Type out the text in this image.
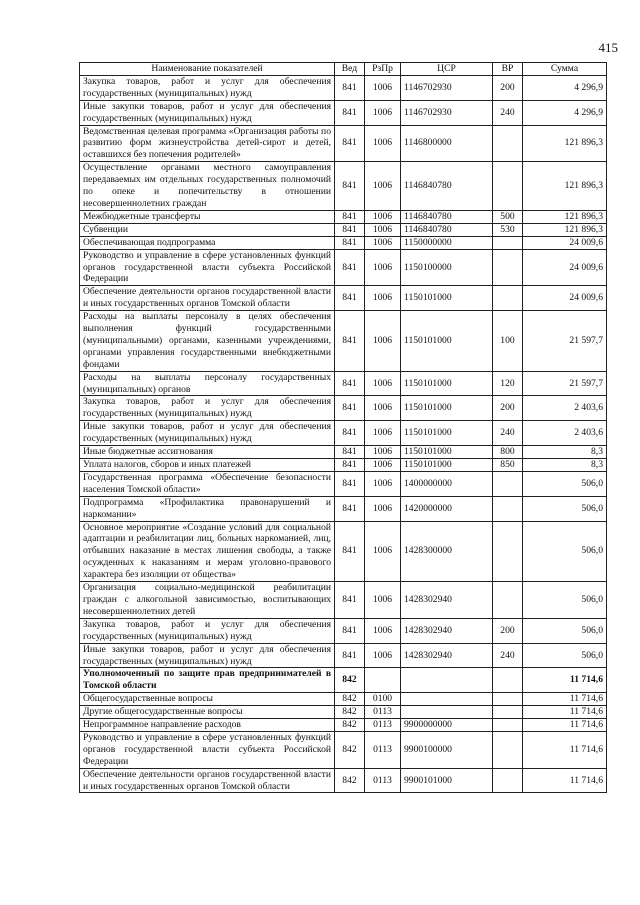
415
Наименование показателей	Вед	РзПр	ЦСР	ВР	Сумма
Закупка товаров, работ и услуг для обеспечения государственных (муниципальных) нужд	841	1006	1146702930	200	4 296,9
Иные закупки товаров, работ и услуг для обеспечения государственных (муниципальных) нужд	841	1006	1146702930	240	4 296,9
Ведомственная целевая программа «Организация работы по развитию форм жизнеустройства детей-сирот и детей, оставшихся без попечения родителей»	841	1006	1146800000		121 896,3
Осуществление органами местного самоуправления передаваемых им отдельных государственных полномочий по опеке и попечительству в отношении несовершеннолетних граждан	841	1006	1146840780		121 896,3
Межбюджетные трансферты	841	1006	1146840780	500	121 896,3
Субвенции	841	1006	1146840780	530	121 896,3
Обеспечивающая подпрограмма	841	1006	1150000000		24 009,6
Руководство и управление в сфере установленных функций органов государственной власти субъекта Российской Федерации	841	1006	1150100000		24 009,6
Обеспечение деятельности органов государственной власти и иных государственных органов Томской области	841	1006	1150101000		24 009,6
Расходы на выплаты персоналу в целях обеспечения выполнения функций государственными (муниципальными) органами, казенными учреждениями, органами управления государственными внебюджетными фондами	841	1006	1150101000	100	21 597,7
Расходы на выплаты персоналу государственных (муниципальных) органов	841	1006	1150101000	120	21 597,7
Закупка товаров, работ и услуг для обеспечения государственных (муниципальных) нужд	841	1006	1150101000	200	2 403,6
Иные закупки товаров, работ и услуг для обеспечения государственных (муниципальных) нужд	841	1006	1150101000	240	2 403,6
Иные бюджетные ассигнования	841	1006	1150101000	800	8,3
Уплата налогов, сборов и иных платежей	841	1006	1150101000	850	8,3
Государственная программа «Обеспечение безопасности населения Томской области»	841	1006	1400000000		506,0
Подпрограмма «Профилактика правонарушений и наркомании»	841	1006	1420000000		506,0
Основное мероприятие «Создание условий для социальной адаптации и реабилитации лиц, больных наркоманией, лиц, отбывших наказание в местах лишения свободы, а также осужденных к наказаниям и мерам уголовно-правового характера без изоляции от общества»	841	1006	1428300000		506,0
Организация социально-медицинской реабилитации граждан с алкогольной зависимостью, воспитывающих несовершеннолетних детей	841	1006	1428302940		506,0
Закупка товаров, работ и услуг для обеспечения государственных (муниципальных) нужд	841	1006	1428302940	200	506,0
Иные закупки товаров, работ и услуг для обеспечения государственных (муниципальных) нужд	841	1006	1428302940	240	506,0
Уполномоченный по защите прав предпринимателей в Томской области	842				11 714,6
Общегосударственные вопросы	842	0100			11 714,6
Другие общегосударственные вопросы	842	0113			11 714,6
Непрограммное направление расходов	842	0113	9900000000		11 714,6
Руководство и управление в сфере установленных функций органов государственной власти субъекта Российской Федерации	842	0113	9900100000		11 714,6
Обеспечение деятельности органов государственной власти и иных государственных органов Томской области	842	0113	9900101000		11 714,6
